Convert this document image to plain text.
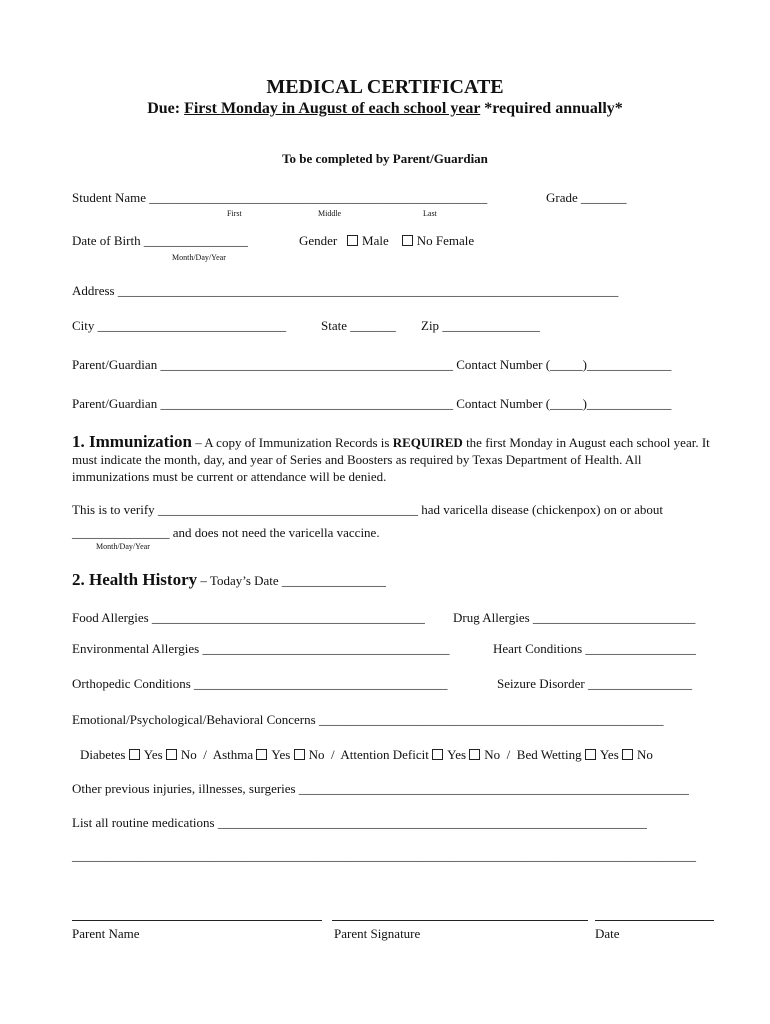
MEDICAL CERTIFICATE
Due: First Monday in August of each school year *required annually*
To be completed by Parent/Guardian
Student Name ____________________________________________________	Grade _______
First	Middle	Last
Date of Birth ________________	Gender Male No Female
Month/Day/Year
Address _____________________________________________________________________________
City _____________________________	State _______ Zip _______________
Parent/Guardian _____________________________________________ Contact Number (_____)_____________
Parent/Guardian _____________________________________________ Contact Number (_____)_____________
1. Immunization – A copy of Immunization Records is REQUIRED the first Monday in August each school year. It must indicate the month, day, and year of Series and Boosters as required by Texas Department of Health. All immunizations must be current or attendance will be denied.
This is to verify ________________________________________ had varicella disease (chickenpox) on or about
_______________ and does not need the varicella vaccine.
Month/Day/Year
2. Health History – Today’s Date ________________
Food Allergies __________________________________________ Drug Allergies _________________________
Environmental Allergies ______________________________________	Heart Conditions _________________
Orthopedic Conditions _______________________________________	Seizure Disorder ________________
Emotional/Psychological/Behavioral Concerns _____________________________________________________
Diabetes Yes No / Asthma Yes No / Attention Deficit Yes No / Bed Wetting Yes No
Other previous injuries, illnesses, surgeries ____________________________________________________________
List all routine medications __________________________________________________________________
________________________________________________________________________________________________
Parent Name	Parent Signature	Date
